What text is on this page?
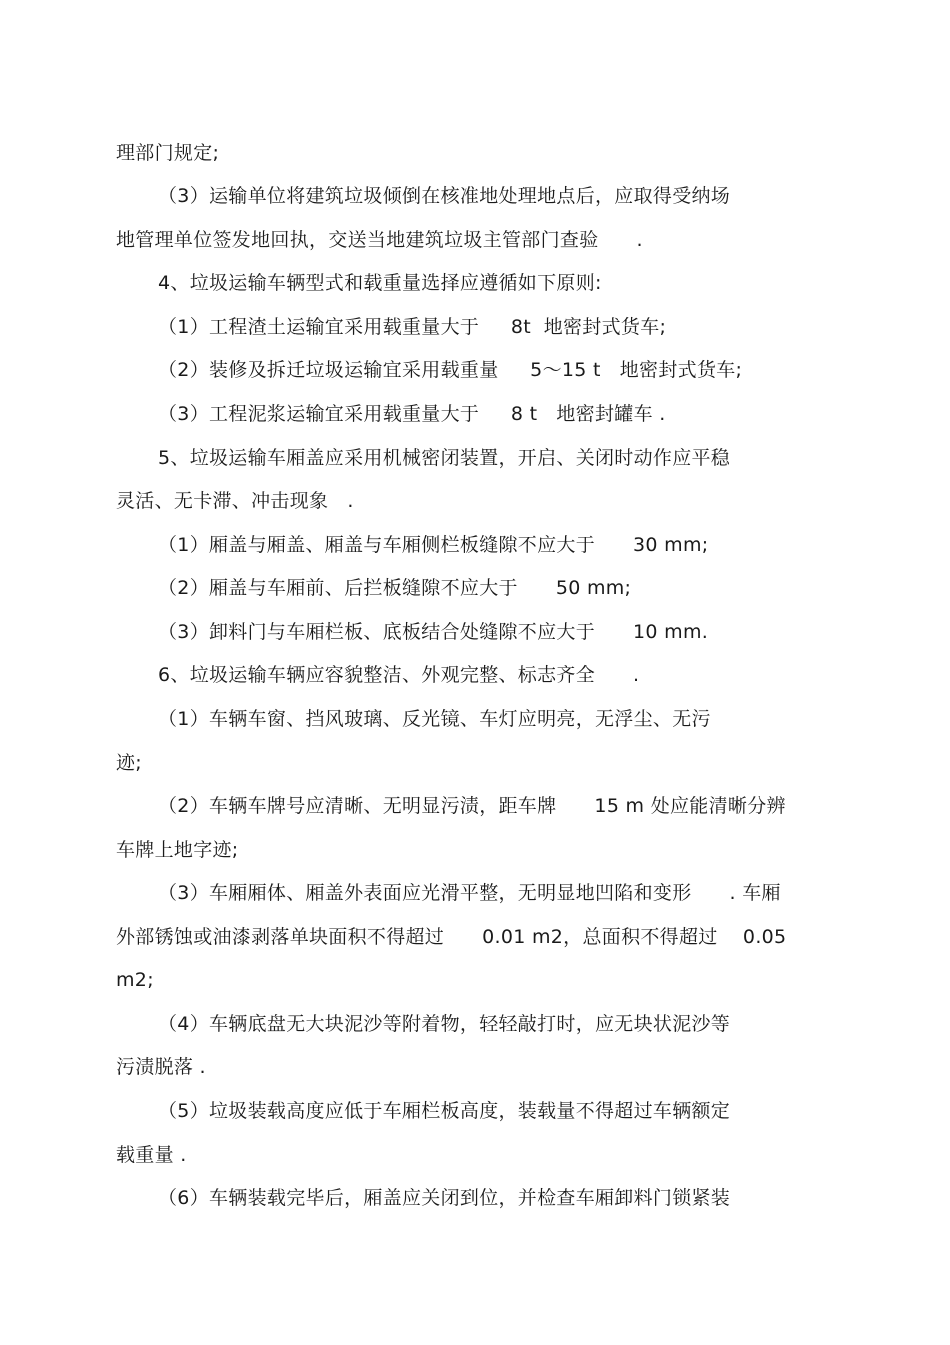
理部门规定;
（3）运输单位将建筑垃圾倾倒在核准地处理地点后，应取得受纳场
地管理单位签发地回执，交送当地建筑垃圾主管部门查验      .
4、垃圾运输车辆型式和载重量选择应遵循如下原则:
（1）工程渣土运输宜采用载重量大于     8t  地密封式货车;
（2）装修及拆迁垃圾运输宜采用载重量     5～15 t   地密封式货车;
（3）工程泥浆运输宜采用载重量大于     8 t   地密封罐车 .
5、垃圾运输车厢盖应采用机械密闭装置，开启、关闭时动作应平稳
灵活、无卡滞、冲击现象   .
（1）厢盖与厢盖、厢盖与车厢侧栏板缝隙不应大于      30 mm;
（2）厢盖与车厢前、后拦板缝隙不应大于      50 mm;
（3）卸料门与车厢栏板、底板结合处缝隙不应大于      10 mm.
6、垃圾运输车辆应容貌整洁、外观完整、标志齐全      .
（1）车辆车窗、挡风玻璃、反光镜、车灯应明亮，无浮尘、无污
迹;
（2）车辆车牌号应清晰、无明显污渍，距车牌      15 m 处应能清晰分辨
车牌上地字迹;
（3）车厢厢体、厢盖外表面应光滑平整，无明显地凹陷和变形      . 车厢
外部锈蚀或油漆剥落单块面积不得超过      0.01 m2，总面积不得超过    0.05
m2;
（4）车辆底盘无大块泥沙等附着物，轻轻敲打时，应无块状泥沙等
污渍脱落 .
（5）垃圾装载高度应低于车厢栏板高度，装载量不得超过车辆额定
载重量 .
（6）车辆装载完毕后，厢盖应关闭到位，并检查车厢卸料门锁紧装
